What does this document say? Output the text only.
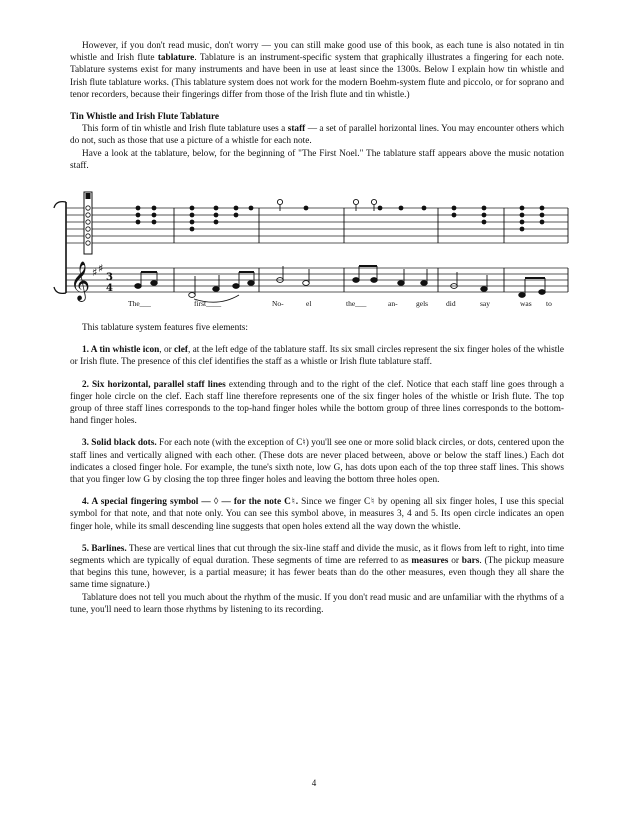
However, if you don't read music, don't worry — you can still make good use of this book, as each tune is also notated in tin whistle and Irish flute tablature. Tablature is an instrument-specific system that graphically illustrates a fingering for each note. Tablature systems exist for many instruments and have been in use at least since the 1300s. Below I explain how tin whistle and Irish flute tablature works. (This tablature system does not work for the modern Boehm-system flute and piccolo, or for soprano and tenor recorders, because their fingerings differ from those of the Irish flute and tin whistle.)

Tin Whistle and Irish Flute Tablature

This form of tin whistle and Irish flute tablature uses a staff — a set of parallel horizontal lines. You may encounter others which do not, such as those that use a picture of a whistle for each note.

Have a look at the tablature, below, for the beginning of "The First Noel." The tablature staff appears above the music notation staff.

𝄞 ♯ ♯
3
4
The___	first____	No-	el	the___	an- gels did	say	was to

This tablature system features five elements:

1. A tin whistle icon, or clef, at the left edge of the tablature staff. Its six small circles represent the six finger holes of the whistle or Irish flute. The presence of this clef identifies the staff as a whistle or Irish flute tablature staff.

2. Six horizontal, parallel staff lines extending through and to the right of the clef. Notice that each staff line goes through a finger hole circle on the clef. Each staff line therefore represents one of the six finger holes of the whistle or Irish flute. The top group of three staff lines corresponds to the top-hand finger holes while the bottom group of three lines corresponds to the bottom-hand finger holes.

3. Solid black dots. For each note (with the exception of C♮) you'll see one or more solid black circles, or dots, centered upon the staff lines and vertically aligned with each other. (These dots are never placed between, above or below the staff lines.) Each dot indicates a closed finger hole. For example, the tune's sixth note, low G, has dots upon each of the top three staff lines. This shows that you finger low G by closing the top three finger holes and leaving the bottom three holes open.

4. A special fingering symbol — ◊ — for the note C♮. Since we finger C♮ by opening all six finger holes, I use this special symbol for that note, and that note only. You can see this symbol above, in measures 3, 4 and 5. Its open circle indicates an open finger hole, while its small descending line suggests that open holes extend all the way down the whistle.

5. Barlines. These are vertical lines that cut through the six-line staff and divide the music, as it flows from left to right, into time segments which are typically of equal duration. These segments of time are referred to as measures or bars. (The pickup measure that begins this tune, however, is a partial measure; it has fewer beats than do the other measures, even though they all share the same time signature.)

Tablature does not tell you much about the rhythm of the music. If you don't read music and are unfamiliar with the rhythms of a tune, you'll need to learn those rhythms by listening to its recording.

4
